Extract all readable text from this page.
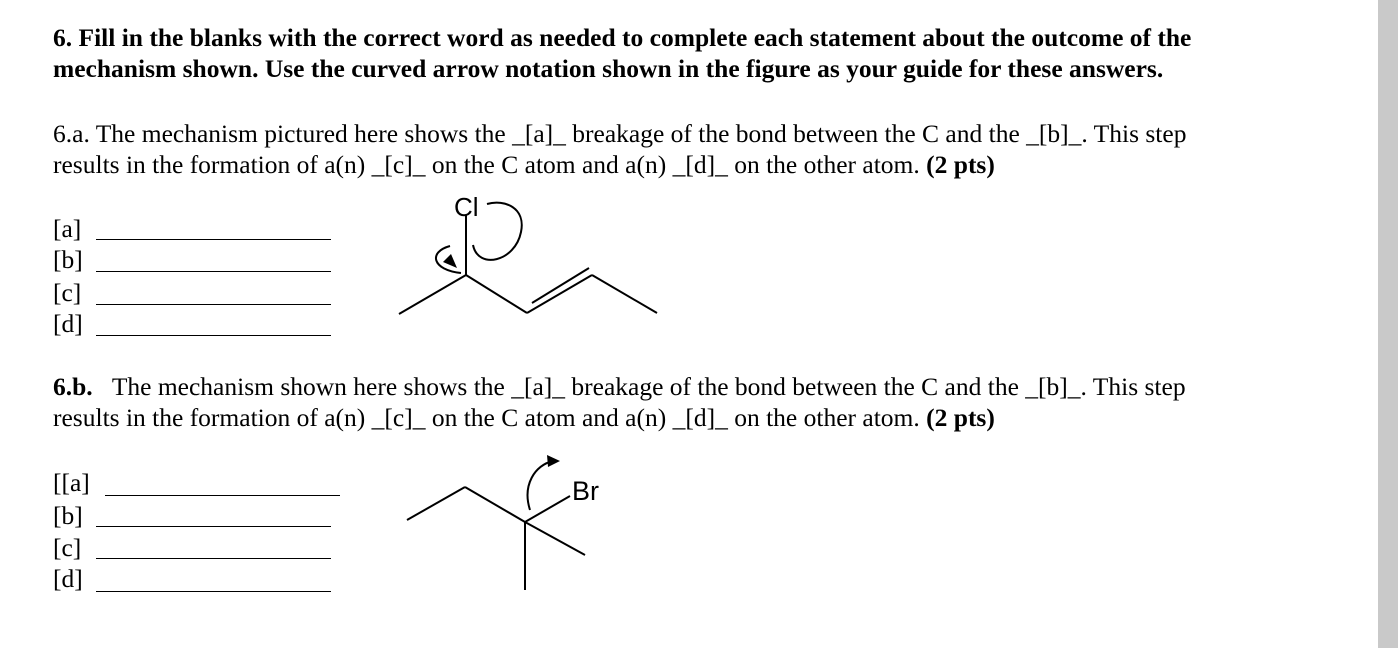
6. Fill in the blanks with the correct word as needed to complete each statement about the outcome of the
mechanism shown. Use the curved arrow notation shown in the figure as your guide for these answers.
6.a. The mechanism pictured here shows the _[a]_ breakage of the bond between the C and the _[b]_. This step
results in the formation of a(n) _[c]_ on the C atom and a(n) _[d]_ on the other atom. (2 pts)
[a]
[b]
[c]
[d]
Cl
6.b. The mechanism shown here shows the _[a]_ breakage of the bond between the C and the _[b]_. This step
results in the formation of a(n) _[c]_ on the C atom and a(n) _[d]_ on the other atom. (2 pts)
[[a]
[b]
[c]
[d]
Br
